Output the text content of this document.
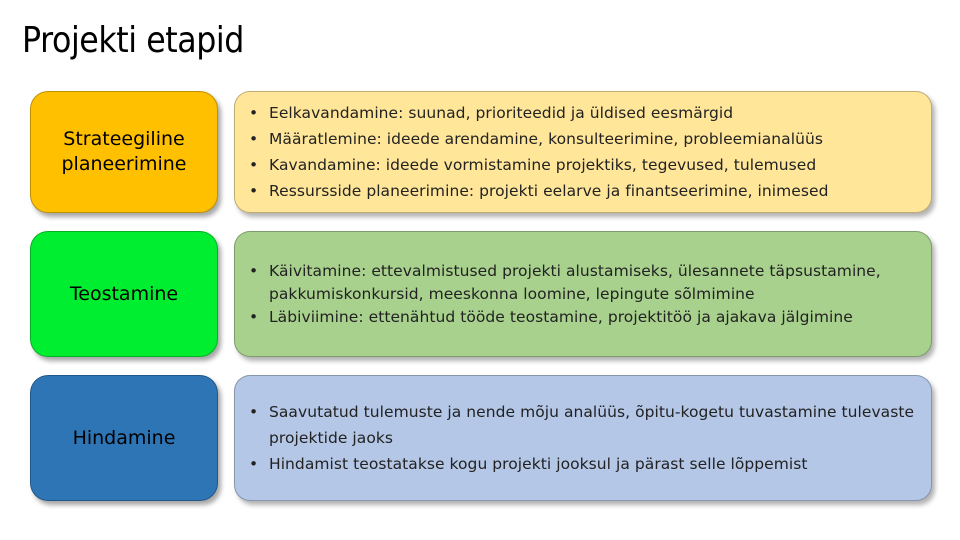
Projekti etapid
Strateegiline planeerimine
• Eelkavandamine: suunad, prioriteedid ja üldised eesmärgid
• Määratlemine: ideede arendamine, konsulteerimine, probleemianalüüs
• Kavandamine: ideede vormistamine projektiks, tegevused, tulemused
• Ressursside planeerimine: projekti eelarve ja finantseerimine, inimesed
Teostamine
• Käivitamine: ettevalmistused projekti alustamiseks, ülesannete täpsustamine, pakkumiskonkursid, meeskonna loomine, lepingute sõlmimine
• Läbiviimine: ettenähtud tööde teostamine, projektitöö ja ajakava jälgimine
Hindamine
• Saavutatud tulemuste ja nende mõju analüüs, õpitu-kogetu tuvastamine tulevaste projektide jaoks
• Hindamist teostatakse kogu projekti jooksul ja pärast selle lõppemist
